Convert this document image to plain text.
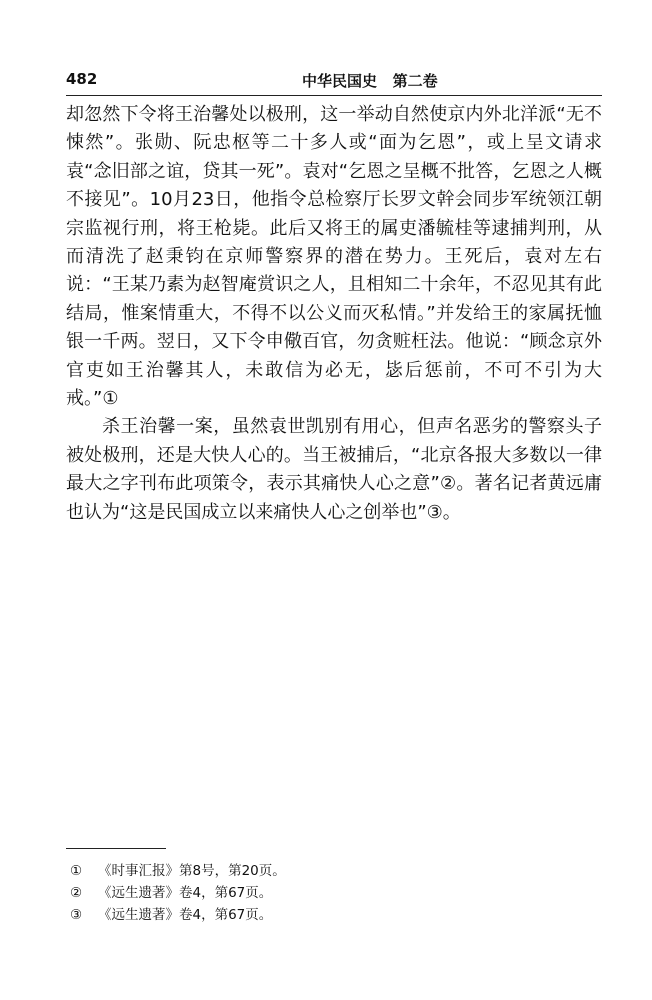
482	中华民国史   第二卷

却忽然下令将王治馨处以极刑，这一举动自然使京内外北洋派“无不悚然”。张勋、阮忠枢等二十多人或“面为乞恩”，或上呈文请求袁“念旧部之谊，贷其一死”。袁对“乞恩之呈概不批答，乞恩之人概不接见”。10月23日，他指令总检察厅长罗文幹会同步军统领江朝宗监视行刑，将王枪毙。此后又将王的属吏潘毓桂等逮捕判刑，从而清洗了赵秉钧在京师警察界的潜在势力。王死后，袁对左右说：“王某乃素为赵智庵赏识之人，且相知二十余年，不忍见其有此结局，惟案情重大，不得不以公义而灭私情。”并发给王的家属抚恤银一千两。翌日，又下令申儆百官，勿贪赃枉法。他说：“顾念京外官吏如王治馨其人，未敢信为必无，毖后惩前，不可不引为大戒。”①

杀王治馨一案，虽然袁世凯别有用心，但声名恶劣的警察头子被处极刑，还是大快人心的。当王被捕后，“北京各报大多数以一律最大之字刊布此项策令，表示其痛快人心之意”②。著名记者黄远庸也认为“这是民国成立以来痛快人心之创举也”③。

① 《时事汇报》第8号，第20页。
② 《远生遗著》卷4，第67页。
③ 《远生遗著》卷4，第67页。
